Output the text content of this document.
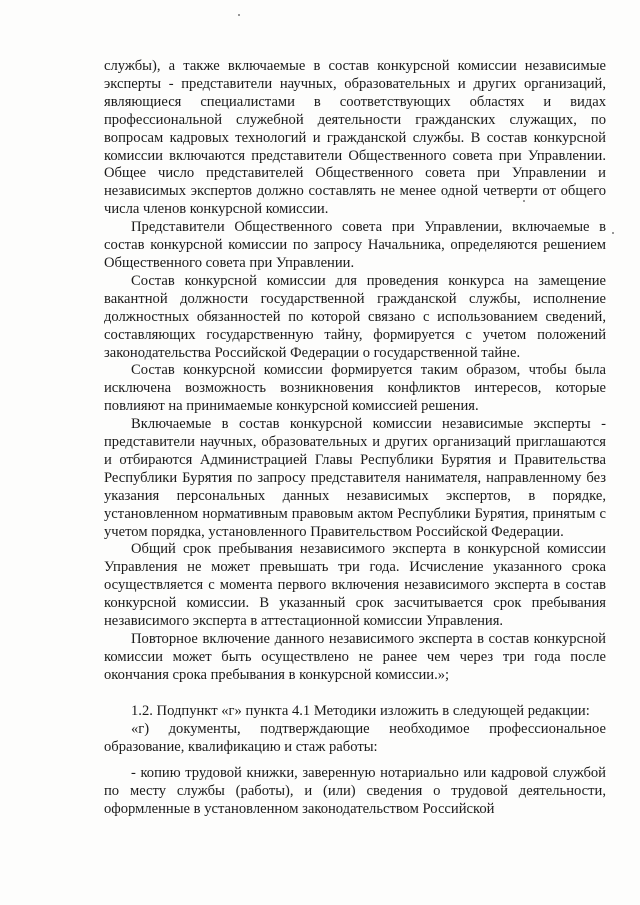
службы), а также включаемые в состав конкурсной комиссии независимые эксперты - представители научных, образовательных и других организаций, являющиеся специалистами в соответствующих областях и видах профессиональной служебной деятельности гражданских служащих, по вопросам кадровых технологий и гражданской службы. В состав конкурсной комиссии включаются представители Общественного совета при Управлении. Общее число представителей Общественного совета при Управлении и независимых экспертов должно составлять не менее одной четверти от общего числа членов конкурсной комиссии.

Представители Общественного совета при Управлении, включаемые в состав конкурсной комиссии по запросу Начальника, определяются решением Общественного совета при Управлении.

Состав конкурсной комиссии для проведения конкурса на замещение вакантной должности государственной гражданской службы, исполнение должностных обязанностей по которой связано с использованием сведений, составляющих государственную тайну, формируется с учетом положений законодательства Российской Федерации о государственной тайне.

Состав конкурсной комиссии формируется таким образом, чтобы была исключена возможность возникновения конфликтов интересов, которые повлияют на принимаемые конкурсной комиссией решения.

Включаемые в состав конкурсной комиссии независимые эксперты - представители научных, образовательных и других организаций приглашаются и отбираются Администрацией Главы Республики Бурятия и Правительства Республики Бурятия по запросу представителя нанимателя, направленному без указания персональных данных независимых экспертов, в порядке, установленном нормативным правовым актом Республики Бурятия, принятым с учетом порядка, установленного Правительством Российской Федерации.

Общий срок пребывания независимого эксперта в конкурсной комиссии Управления не может превышать три года. Исчисление указанного срока осуществляется с момента первого включения независимого эксперта в состав конкурсной комиссии. В указанный срок засчитывается срок пребывания независимого эксперта в аттестационной комиссии Управления.

Повторное включение данного независимого эксперта в состав конкурсной комиссии может быть осуществлено не ранее чем через три года после окончания срока пребывания в конкурсной комиссии.»;

1.2. Подпункт «г» пункта 4.1 Методики изложить в следующей редакции:

«г) документы, подтверждающие необходимое профессиональное образование, квалификацию и стаж работы:

- копию трудовой книжки, заверенную нотариально или кадровой службой по месту службы (работы), и (или) сведения о трудовой деятельности, оформленные в установленном законодательством Российской
